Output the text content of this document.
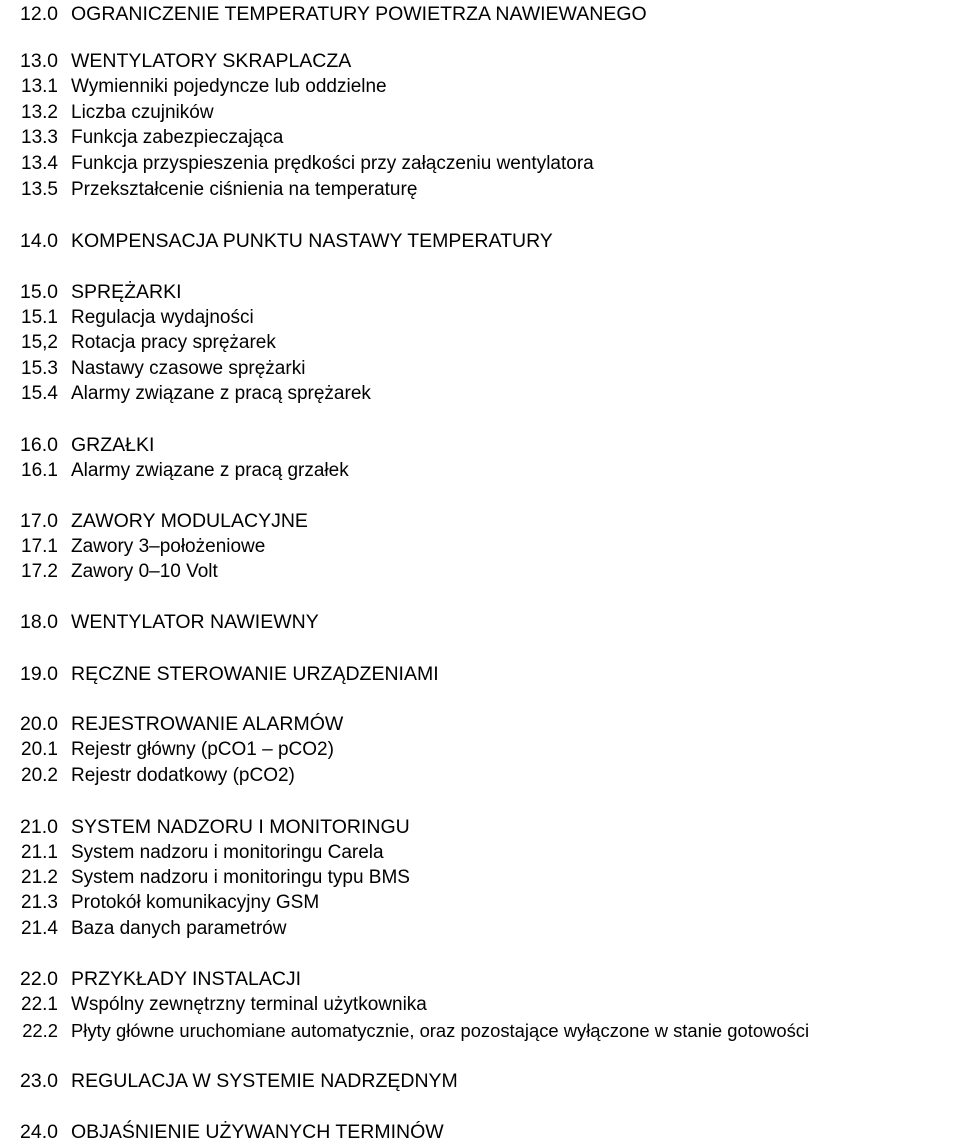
12.0 OGRANICZENIE TEMPERATURY POWIETRZA NAWIEWANEGO
13.0 WENTYLATORY SKRAPLACZA
13.1 Wymienniki pojedyncze lub oddzielne
13.2 Liczba czujników
13.3 Funkcja zabezpieczająca
13.4 Funkcja przyspieszenia prędkości przy załączeniu wentylatora
13.5 Przekształcenie ciśnienia na temperaturę
14.0 KOMPENSACJA PUNKTU NASTAWY TEMPERATURY
15.0 SPRĘŻARKI
15.1 Regulacja wydajności
15,2 Rotacja pracy sprężarek
15.3 Nastawy czasowe sprężarki
15.4 Alarmy związane z pracą sprężarek
16.0 GRZAŁKI
16.1 Alarmy związane z pracą grzałek
17.0 ZAWORY MODULACYJNE
17.1 Zawory 3–położeniowe
17.2 Zawory 0–10 Volt
18.0 WENTYLATOR NAWIEWNY
19.0 RĘCZNE STEROWANIE URZĄDZENIAMI
20.0 REJESTROWANIE ALARMÓW
20.1 Rejestr główny (pCO1 – pCO2)
20.2 Rejestr dodatkowy (pCO2)
21.0 SYSTEM NADZORU I MONITORINGU
21.1 System nadzoru i monitoringu Carela
21.2 System nadzoru i monitoringu typu BMS
21.3 Protokół komunikacyjny GSM
21.4 Baza danych parametrów
22.0 PRZYKŁADY INSTALACJI
22.1 Wspólny zewnętrzny terminal użytkownika
22.2 Płyty główne uruchomiane automatycznie, oraz pozostające wyłączone w stanie gotowości
23.0 REGULACJA W SYSTEMIE NADRZĘDNYM
24.0 OBJAŚNIENIE UŻYWANYCH TERMINÓW
